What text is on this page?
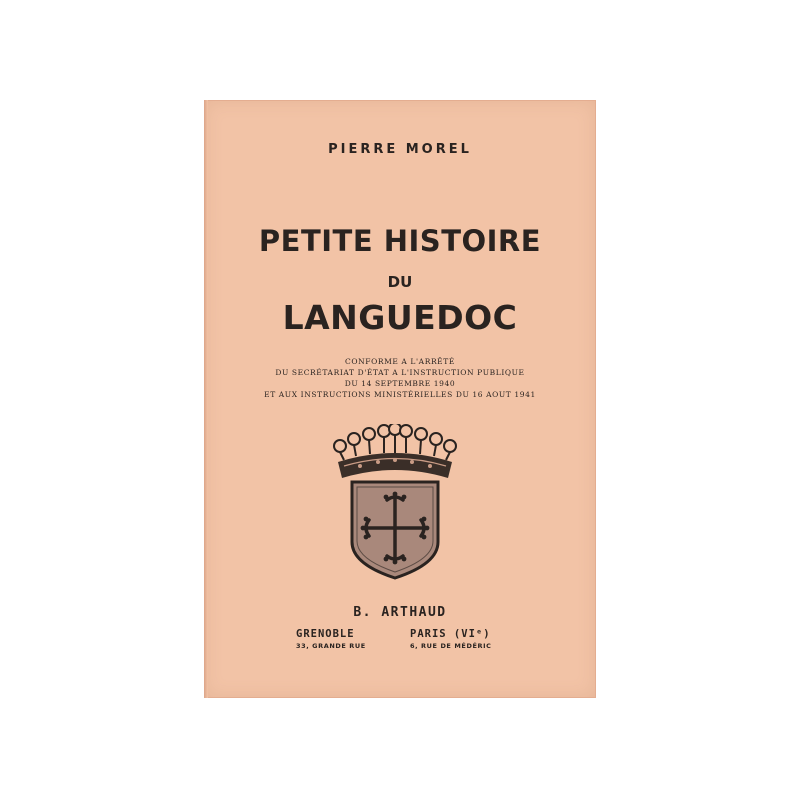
PIERRE MOREL
PETITE HISTOIRE
DU
LANGUEDOC
CONFORME A L'ARRÊTÉ
DU SECRÉTARIAT D'ÉTAT A L'INSTRUCTION PUBLIQUE
DU 14 SEPTEMBRE 1940
ET AUX INSTRUCTIONS MINISTÉRIELLES DU 16 AOUT 1941
B. ARTHAUD
GRENOBLE
33, GRANDE RUE
PARIS (VIᵉ)
6, RUE DE MÉDÉRIC
